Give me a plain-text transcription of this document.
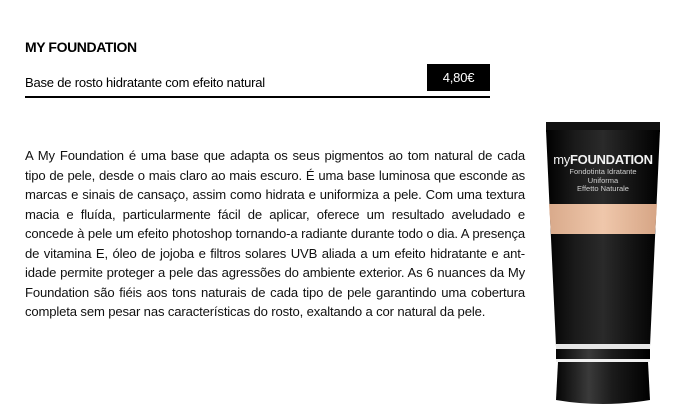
MY FOUNDATION
Base de rosto hidratante com efeito natural	4,80€
A My Foundation é uma base que adapta os seus pigmentos ao tom natural de cada tipo de pele, desde o mais claro ao mais escuro. É uma base luminosa que esconde as marcas e sinais de cansaço, assim como hidrata e uniformiza a pele. Com uma textura macia e fluída, particularmente fácil de aplicar, oferece um resultado aveludado e concede à pele um efeito photoshop tornando-a radiante durante todo o dia. A presença de vitamina E, óleo de jojoba e filtros solares UVB aliada a um efeito hidratante e ant-idade permite proteger a pele das agressões do ambiente exterior. As 6 nuances da My Foundation são fiéis aos tons naturais de cada tipo de pele garantindo uma cobertura completa sem pesar nas características do rosto, exaltando a cor natural da pele.
myFOUNDATION
Fondotinta Idratante
Uniforma
Effetto Naturale
